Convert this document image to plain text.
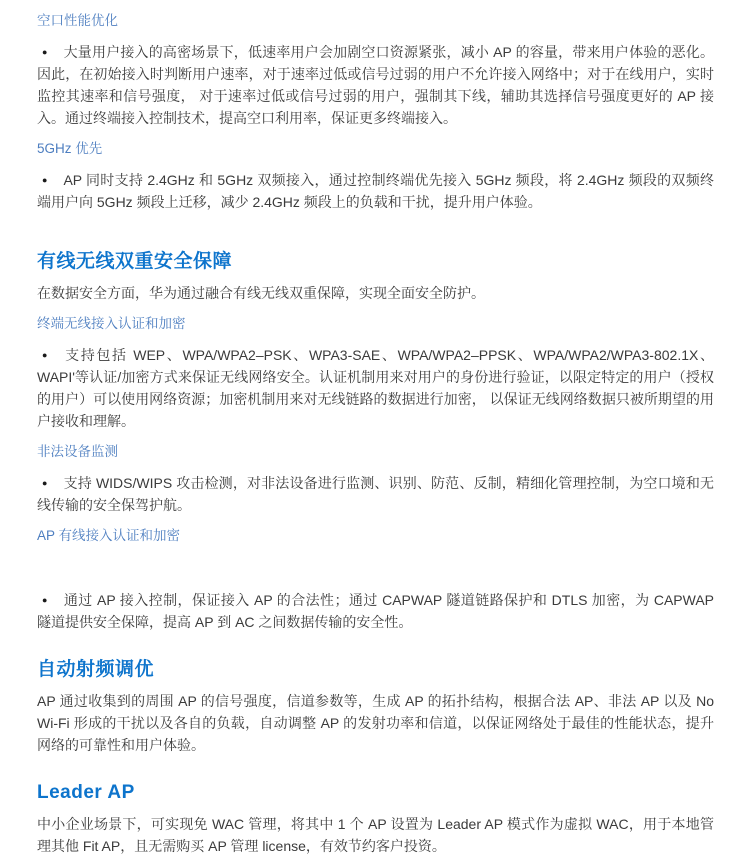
空口性能优化

● 大量用户接入的高密场景下，低速率用户会加剧空口资源紧张，减小 AP 的容量，带来用户体验的恶化。因此，在初始接入时判断用户速率，对于速率过低或信号过弱的用户不允许接入网络中；对于在线用户，实时监控其速率和信号强度， 对于速率过低或信号过弱的用户，强制其下线，辅助其选择信号强度更好的 AP 接入。通过终端接入控制技术，提高空口利用率，保证更多终端接入。

5GHz 优先

● AP 同时支持 2.4GHz 和 5GHz 双频接入，通过控制终端优先接入 5GHz 频段，将 2.4GHz 频段的双频终端用户向 5GHz 频段上迁移，减少 2.4GHz 频段上的负载和干扰，提升用户体验。

有线无线双重安全保障

在数据安全方面，华为通过融合有线无线双重保障，实现全面安全防护。

终端无线接入认证和加密

● 支持包括 WEP、WPA/WPA2–PSK、WPA3-SAE、WPA/WPA2–PPSK、WPA/WPA2/WPA3-802.1X、WAPI'等认证/加密方式来保证无线网络安全。认证机制用来对用户的身份进行验证，以限定特定的用户（授权的用户）可以使用网络资源；加密机制用来对无线链路的数据进行加密， 以保证无线网络数据只被所期望的用户接收和理解。

非法设备监测

● 支持 WIDS/WIPS 攻击检测，对非法设备进行监测、识别、防范、反制，精细化管理控制，为空口境和无线传输的安全保驾护航。

AP 有线接入认证和加密

● 通过 AP 接入控制，保证接入 AP 的合法性；通过 CAPWAP 隧道链路保护和 DTLS 加密，为 CAPWAP 隧道提供安全保障，提高 AP 到 AC 之间数据传输的安全性。

自动射频调优

AP 通过收集到的周围 AP 的信号强度，信道参数等，生成 AP 的拓扑结构，根据合法 AP、非法 AP 以及 No Wi-Fi 形成的干扰以及各自的负载，自动调整 AP 的发射功率和信道，以保证网络处于最佳的性能状态，提升网络的可靠性和用户体验。

Leader AP

中小企业场景下，可实现免 WAC 管理，将其中 1 个 AP 设置为 Leader AP 模式作为虚拟 WAC，用于本地管理其他 Fit AP，且无需购买 AP 管理 license，有效节约客户投资。
